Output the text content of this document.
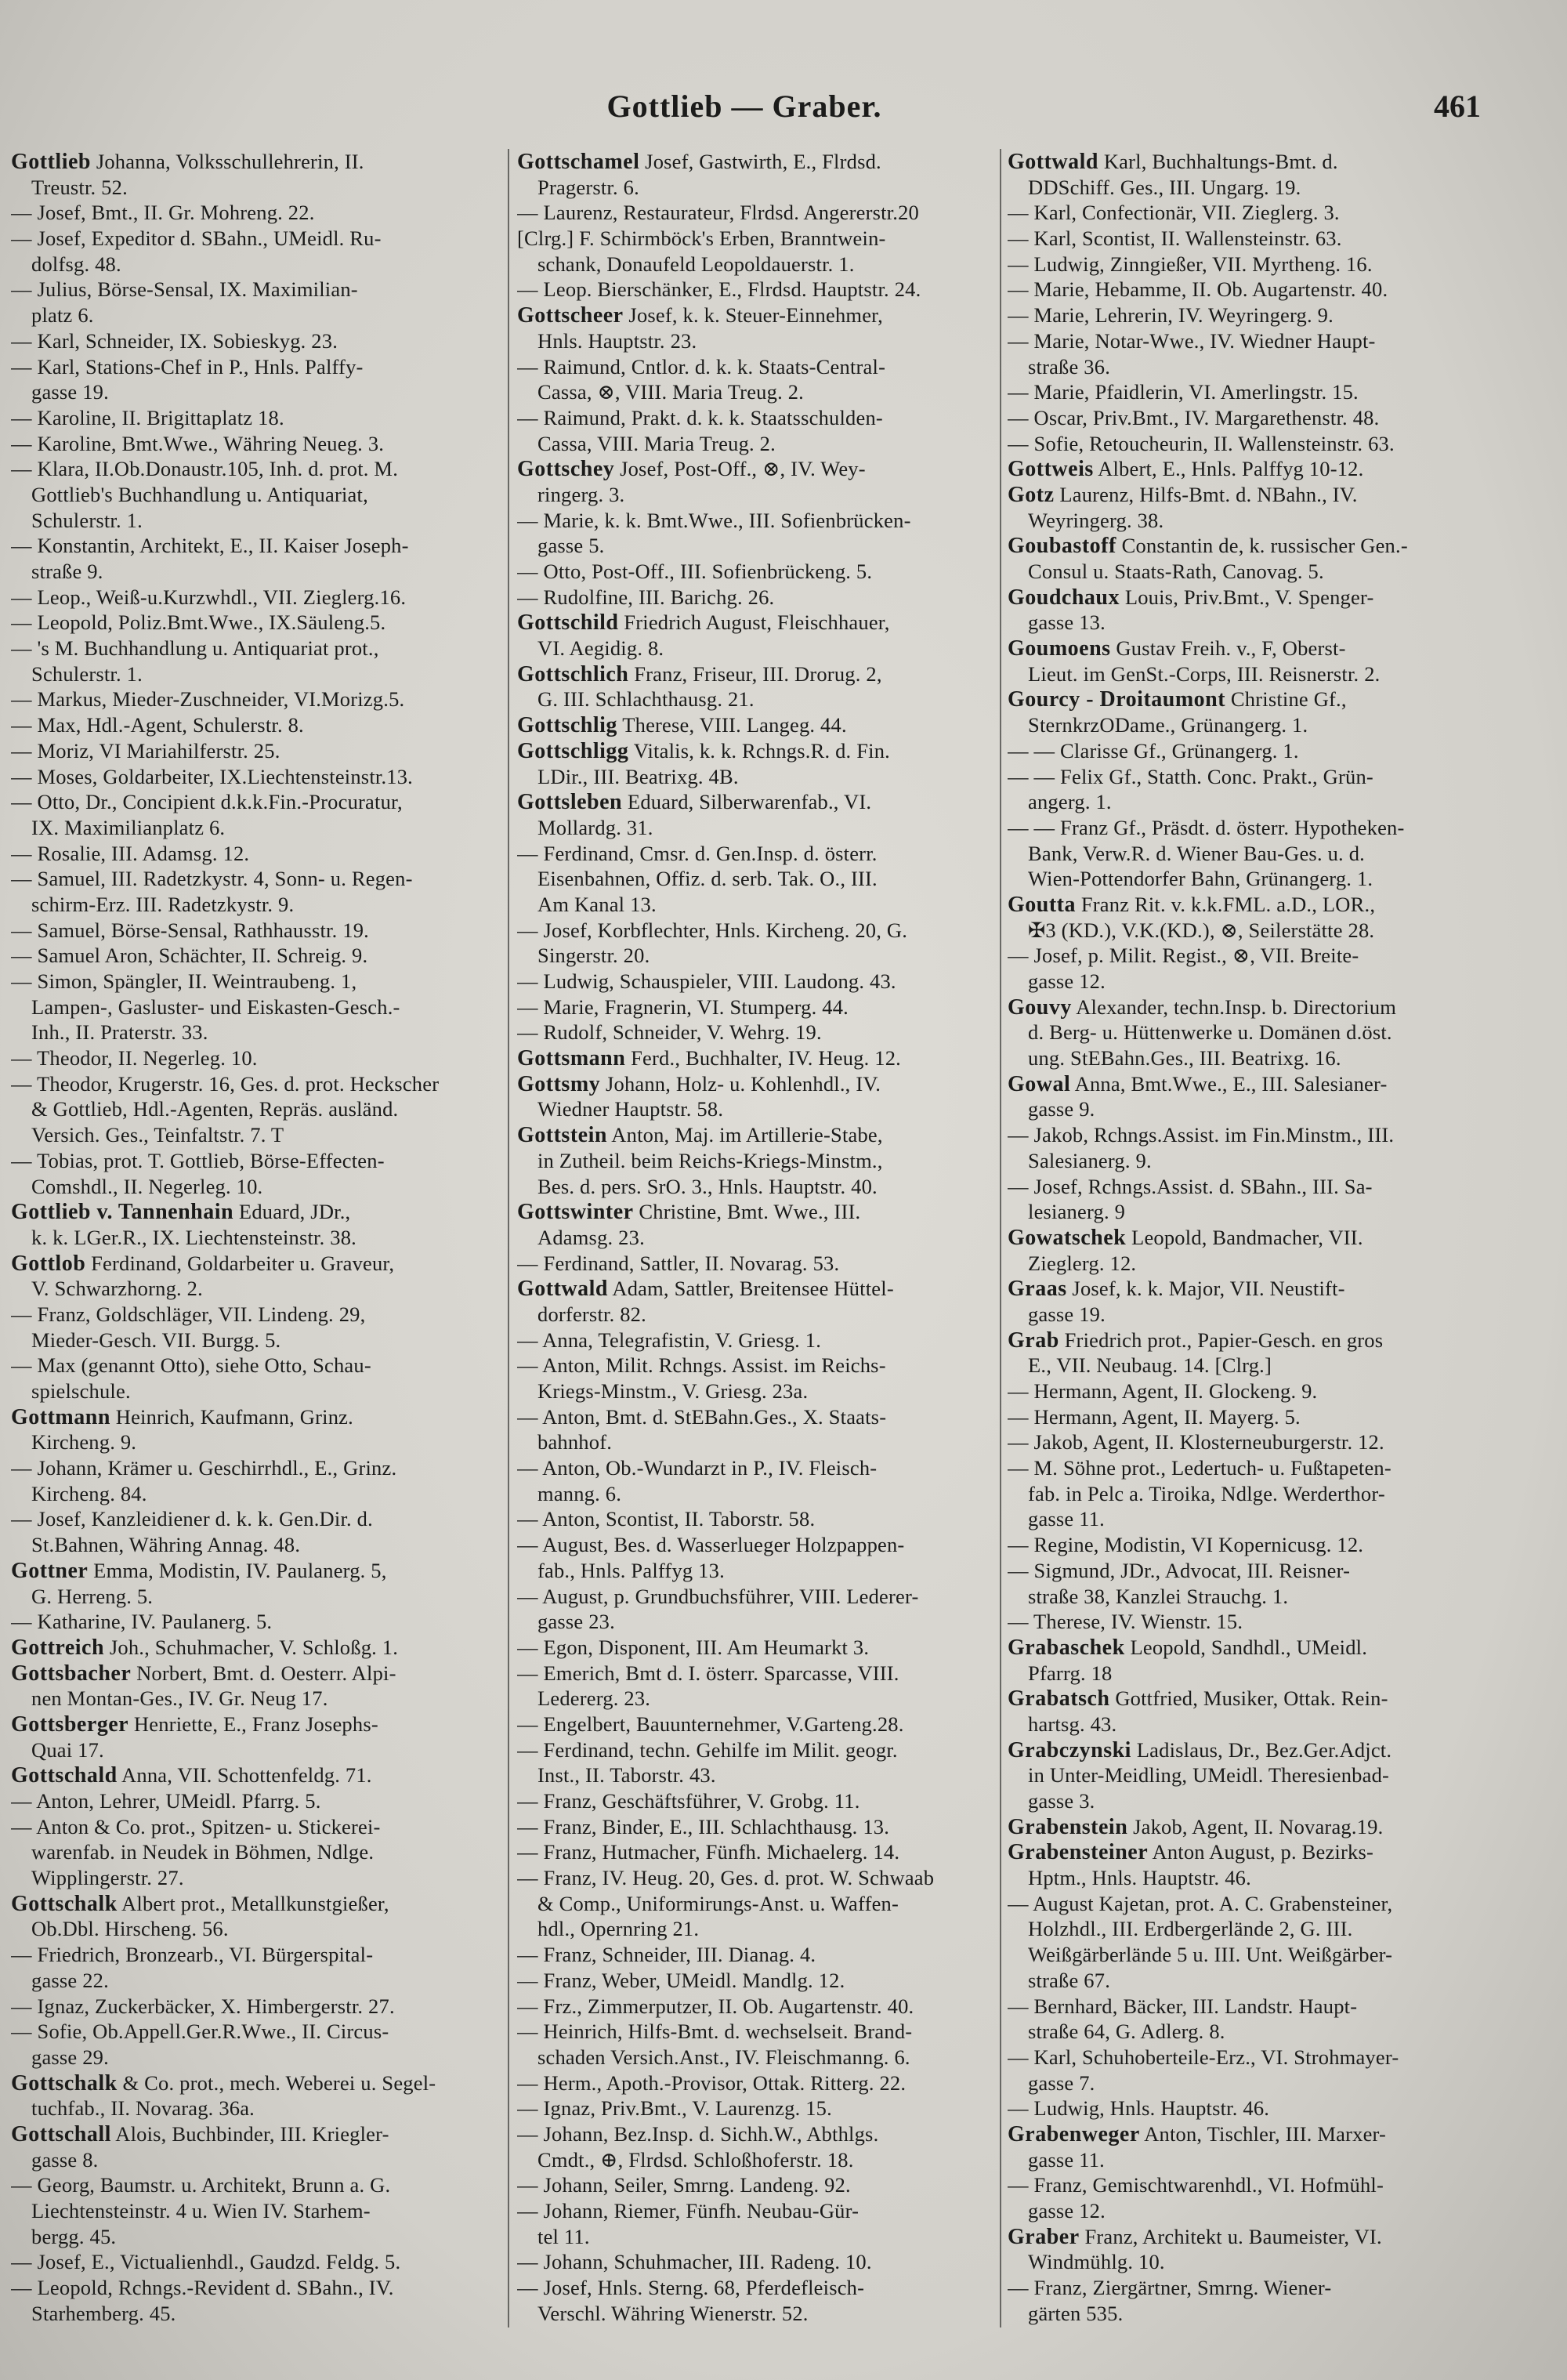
Gottlieb — Graber.	461
Gottlieb Johanna, Volksschullehrerin, II.
Treustr. 52.
— Josef, Bmt., II. Gr. Mohreng. 22.
— Josef, Expeditor d. SBahn., UMeidl. Ru-
dolfsg. 48.
— Julius, Börse-Sensal, IX. Maximilian-
platz 6.
— Karl, Schneider, IX. Sobieskyg. 23.
— Karl, Stations-Chef in P., Hnls. Palffy-
gasse 19.
— Karoline, II. Brigittaplatz 18.
— Karoline, Bmt.Wwe., Währing Neueg. 3.
— Klara, II.Ob.Donaustr.105, Inh. d. prot. M.
Gottlieb's Buchhandlung u. Antiquariat,
Schulerstr. 1.
— Konstantin, Architekt, E., II. Kaiser Joseph-
straße 9.
— Leop., Weiß-u.Kurzwhdl., VII. Zieglerg.16.
— Leopold, Poliz.Bmt.Wwe., IX.Säuleng.5.
— 's M. Buchhandlung u. Antiquariat prot.,
Schulerstr. 1.
— Markus, Mieder-Zuschneider, VI.Morizg.5.
— Max, Hdl.-Agent, Schulerstr. 8.
— Moriz, VI Mariahilferstr. 25.
— Moses, Goldarbeiter, IX.Liechtensteinstr.13.
— Otto, Dr., Concipient d.k.k.Fin.-Procuratur,
IX. Maximilianplatz 6.
— Rosalie, III. Adamsg. 12.
— Samuel, III. Radetzkystr. 4, Sonn- u. Regen-
schirm-Erz. III. Radetzkystr. 9.
— Samuel, Börse-Sensal, Rathhausstr. 19.
— Samuel Aron, Schächter, II. Schreig. 9.
— Simon, Spängler, II. Weintraubeng. 1,
Lampen-, Gasluster- und Eiskasten-Gesch.-
Inh., II. Praterstr. 33.
— Theodor, II. Negerleg. 10.
— Theodor, Krugerstr. 16, Ges. d. prot. Heckscher
& Gottlieb, Hdl.-Agenten, Repräs. ausländ.
Versich. Ges., Teinfaltstr. 7. T
— Tobias, prot. T. Gottlieb, Börse-Effecten-
Comshdl., II. Negerleg. 10.
Gottlieb v. Tannenhain Eduard, JDr.,
k. k. LGer.R., IX. Liechtensteinstr. 38.
Gottlob Ferdinand, Goldarbeiter u. Graveur,
V. Schwarzhorng. 2.
— Franz, Goldschläger, VII. Lindeng. 29,
Mieder-Gesch. VII. Burgg. 5.
— Max (genannt Otto), siehe Otto, Schau-
spielschule.
Gottmann Heinrich, Kaufmann, Grinz.
Kircheng. 9.
— Johann, Krämer u. Geschirrhdl., E., Grinz.
Kircheng. 84.
— Josef, Kanzleidiener d. k. k. Gen.Dir. d.
St.Bahnen, Währing Annag. 48.
Gottner Emma, Modistin, IV. Paulanerg. 5,
G. Herreng. 5.
— Katharine, IV. Paulanerg. 5.
Gottreich Joh., Schuhmacher, V. Schloßg. 1.
Gottsbacher Norbert, Bmt. d. Oesterr. Alpi-
nen Montan-Ges., IV. Gr. Neug 17.
Gottsberger Henriette, E., Franz Josephs-
Quai 17.
Gottschald Anna, VII. Schottenfeldg. 71.
— Anton, Lehrer, UMeidl. Pfarrg. 5.
— Anton & Co. prot., Spitzen- u. Stickerei-
warenfab. in Neudek in Böhmen, Ndlge.
Wipplingerstr. 27.
Gottschalk Albert prot., Metallkunstgießer,
Ob.Dbl. Hirscheng. 56.
— Friedrich, Bronzearb., VI. Bürgerspital-
gasse 22.
— Ignaz, Zuckerbäcker, X. Himbergerstr. 27.
— Sofie, Ob.Appell.Ger.R.Wwe., II. Circus-
gasse 29.
Gottschalk & Co. prot., mech. Weberei u. Segel-
tuchfab., II. Novarag. 36a.
Gottschall Alois, Buchbinder, III. Kriegler-
gasse 8.
— Georg, Baumstr. u. Architekt, Brunn a. G.
Liechtensteinstr. 4 u. Wien IV. Starhem-
bergg. 45.
— Josef, E., Victualienhdl., Gaudzd. Feldg. 5.
— Leopold, Rchngs.-Revident d. SBahn., IV.
Starhemberg. 45.
Gottschamel Josef, Gastwirth, E., Flrdsd.
Pragerstr. 6.
— Laurenz, Restaurateur, Flrdsd. Angererstr.20
[Clrg.] F. Schirmböck's Erben, Branntwein-
schank, Donaufeld Leopoldauerstr. 1.
— Leop. Bierschänker, E., Flrdsd. Hauptstr. 24.
Gottscheer Josef, k. k. Steuer-Einnehmer,
Hnls. Hauptstr. 23.
— Raimund, Cntlor. d. k. k. Staats-Central-
Cassa, ⊗, VIII. Maria Treug. 2.
— Raimund, Prakt. d. k. k. Staatsschulden-
Cassa, VIII. Maria Treug. 2.
Gottschey Josef, Post-Off., ⊗, IV. Wey-
ringerg. 3.
— Marie, k. k. Bmt.Wwe., III. Sofienbrücken-
gasse 5.
— Otto, Post-Off., III. Sofienbrückeng. 5.
— Rudolfine, III. Barichg. 26.
Gottschild Friedrich August, Fleischhauer,
VI. Aegidig. 8.
Gottschlich Franz, Friseur, III. Drorug. 2,
G. III. Schlachthausg. 21.
Gottschlig Therese, VIII. Langeg. 44.
Gottschligg Vitalis, k. k. Rchngs.R. d. Fin.
LDir., III. Beatrixg. 4B.
Gottsleben Eduard, Silberwarenfab., VI.
Mollardg. 31.
— Ferdinand, Cmsr. d. Gen.Insp. d. österr.
Eisenbahnen, Offiz. d. serb. Tak. O., III.
Am Kanal 13.
— Josef, Korbflechter, Hnls. Kircheng. 20, G.
Singerstr. 20.
— Ludwig, Schauspieler, VIII. Laudong. 43.
— Marie, Fragnerin, VI. Stumperg. 44.
— Rudolf, Schneider, V. Wehrg. 19.
Gottsmann Ferd., Buchhalter, IV. Heug. 12.
Gottsmy Johann, Holz- u. Kohlenhdl., IV.
Wiedner Hauptstr. 58.
Gottstein Anton, Maj. im Artillerie-Stabe,
in Zutheil. beim Reichs-Kriegs-Minstm.,
Bes. d. pers. SrO. 3., Hnls. Hauptstr. 40.
Gottswinter Christine, Bmt. Wwe., III.
Adamsg. 23.
— Ferdinand, Sattler, II. Novarag. 53.
Gottwald Adam, Sattler, Breitensee Hüttel-
dorferstr. 82.
— Anna, Telegrafistin, V. Griesg. 1.
— Anton, Milit. Rchngs. Assist. im Reichs-
Kriegs-Minstm., V. Griesg. 23a.
— Anton, Bmt. d. StEBahn.Ges., X. Staats-
bahnhof.
— Anton, Ob.-Wundarzt in P., IV. Fleisch-
manng. 6.
— Anton, Scontist, II. Taborstr. 58.
— August, Bes. d. Wasserlueger Holzpappen-
fab., Hnls. Palffyg 13.
— August, p. Grundbuchsführer, VIII. Lederer-
gasse 23.
— Egon, Disponent, III. Am Heumarkt 3.
— Emerich, Bmt d. I. österr. Sparcasse, VIII.
Ledererg. 23.
— Engelbert, Bauunternehmer, V.Garteng.28.
— Ferdinand, techn. Gehilfe im Milit. geogr.
Inst., II. Taborstr. 43.
— Franz, Geschäftsführer, V. Grobg. 11.
— Franz, Binder, E., III. Schlachthausg. 13.
— Franz, Hutmacher, Fünfh. Michaelerg. 14.
— Franz, IV. Heug. 20, Ges. d. prot. W. Schwaab
& Comp., Uniformirungs-Anst. u. Waffen-
hdl., Opernring 21.
— Franz, Schneider, III. Dianag. 4.
— Franz, Weber, UMeidl. Mandlg. 12.
— Frz., Zimmerputzer, II. Ob. Augartenstr. 40.
— Heinrich, Hilfs-Bmt. d. wechselseit. Brand-
schaden Versich.Anst., IV. Fleischmanng. 6.
— Herm., Apoth.-Provisor, Ottak. Ritterg. 22.
— Ignaz, Priv.Bmt., V. Laurenzg. 15.
— Johann, Bez.Insp. d. Sichh.W., Abthlgs.
Cmdt., ⊕, Flrdsd. Schloßhoferstr. 18.
— Johann, Seiler, Smrng. Landeng. 92.
— Johann, Riemer, Fünfh. Neubau-Gür-
tel 11.
— Johann, Schuhmacher, III. Radeng. 10.
— Josef, Hnls. Sterng. 68, Pferdefleisch-
Verschl. Währing Wienerstr. 52.
Gottwald Karl, Buchhaltungs-Bmt. d.
DDSchiff. Ges., III. Ungarg. 19.
— Karl, Confectionär, VII. Zieglerg. 3.
— Karl, Scontist, II. Wallensteinstr. 63.
— Ludwig, Zinngießer, VII. Myrtheng. 16.
— Marie, Hebamme, II. Ob. Augartenstr. 40.
— Marie, Lehrerin, IV. Weyringerg. 9.
— Marie, Notar-Wwe., IV. Wiedner Haupt-
straße 36.
— Marie, Pfaidlerin, VI. Amerlingstr. 15.
— Oscar, Priv.Bmt., IV. Margarethenstr. 48.
— Sofie, Retoucheurin, II. Wallensteinstr. 63.
Gottweis Albert, E., Hnls. Palffyg 10-12.
Gotz Laurenz, Hilfs-Bmt. d. NBahn., IV.
Weyringerg. 38.
Goubastoff Constantin de, k. russischer Gen.-
Consul u. Staats-Rath, Canovag. 5.
Goudchaux Louis, Priv.Bmt., V. Spenger-
gasse 13.
Goumoens Gustav Freih. v., F, Oberst-
Lieut. im GenSt.-Corps, III. Reisnerstr. 2.
Gourcy - Droitaumont Christine Gf.,
SternkrzODame., Grünangerg. 1.
— — Clarisse Gf., Grünangerg. 1.
— — Felix Gf., Statth. Conc. Prakt., Grün-
angerg. 1.
— — Franz Gf., Präsdt. d. österr. Hypotheken-
Bank, Verw.R. d. Wiener Bau-Ges. u. d.
Wien-Pottendorfer Bahn, Grünangerg. 1.
Goutta Franz Rit. v. k.k.FML. a.D., LOR.,
✠3 (KD.), V.K.(KD.), ⊗, Seilerstätte 28.
— Josef, p. Milit. Regist., ⊗, VII. Breite-
gasse 12.
Gouvy Alexander, techn.Insp. b. Directorium
d. Berg- u. Hüttenwerke u. Domänen d.öst.
ung. StEBahn.Ges., III. Beatrixg. 16.
Gowal Anna, Bmt.Wwe., E., III. Salesianer-
gasse 9.
— Jakob, Rchngs.Assist. im Fin.Minstm., III.
Salesianerg. 9.
— Josef, Rchngs.Assist. d. SBahn., III. Sa-
lesianerg. 9
Gowatschek Leopold, Bandmacher, VII.
Zieglerg. 12.
Graas Josef, k. k. Major, VII. Neustift-
gasse 19.
Grab Friedrich prot., Papier-Gesch. en gros
E., VII. Neubaug. 14. [Clrg.]
— Hermann, Agent, II. Glockeng. 9.
— Hermann, Agent, II. Mayerg. 5.
— Jakob, Agent, II. Klosterneuburgerstr. 12.
— M. Söhne prot., Ledertuch- u. Fußtapeten-
fab. in Pelc a. Tiroika, Ndlge. Werderthor-
gasse 11.
— Regine, Modistin, VI Kopernicusg. 12.
— Sigmund, JDr., Advocat, III. Reisner-
straße 38, Kanzlei Strauchg. 1.
— Therese, IV. Wienstr. 15.
Grabaschek Leopold, Sandhdl., UMeidl.
Pfarrg. 18
Grabatsch Gottfried, Musiker, Ottak. Rein-
hartsg. 43.
Grabczynski Ladislaus, Dr., Bez.Ger.Adjct.
in Unter-Meidling, UMeidl. Theresienbad-
gasse 3.
Grabenstein Jakob, Agent, II. Novarag.19.
Grabensteiner Anton August, p. Bezirks-
Hptm., Hnls. Hauptstr. 46.
— August Kajetan, prot. A. C. Grabensteiner,
Holzhdl., III. Erdbergerlände 2, G. III.
Weißgärberlände 5 u. III. Unt. Weißgärber-
straße 67.
— Bernhard, Bäcker, III. Landstr. Haupt-
straße 64, G. Adlerg. 8.
— Karl, Schuhoberteile-Erz., VI. Strohmayer-
gasse 7.
— Ludwig, Hnls. Hauptstr. 46.
Grabenweger Anton, Tischler, III. Marxer-
gasse 11.
— Franz, Gemischtwarenhdl., VI. Hofmühl-
gasse 12.
Graber Franz, Architekt u. Baumeister, VI.
Windmühlg. 10.
— Franz, Ziergärtner, Smrng. Wiener-
gärten 535.
